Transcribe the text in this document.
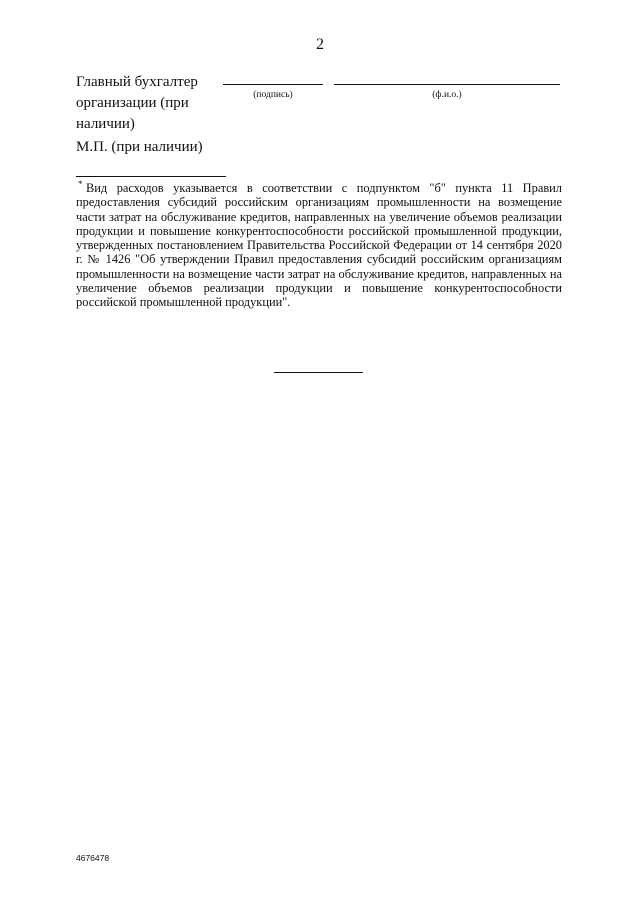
2
Главный бухгалтер организации (при наличии)
(подпись)	(ф.и.о.)
М.П. (при наличии)
* Вид расходов указывается в соответствии с подпунктом "б" пункта 11 Правил предоставления субсидий российским организациям промышленности на возмещение части затрат на обслуживание кредитов, направленных на увеличение объемов реализации продукции и повышение конкурентоспособности российской промышленной продукции, утвержденных постановлением Правительства Российской Федерации от 14 сентября 2020 г. № 1426 "Об утверждении Правил предоставления субсидий российским организациям промышленности на возмещение части затрат на обслуживание кредитов, направленных на увеличение объемов реализации продукции и повышение конкурентоспособности российской промышленной продукции".
4676478
